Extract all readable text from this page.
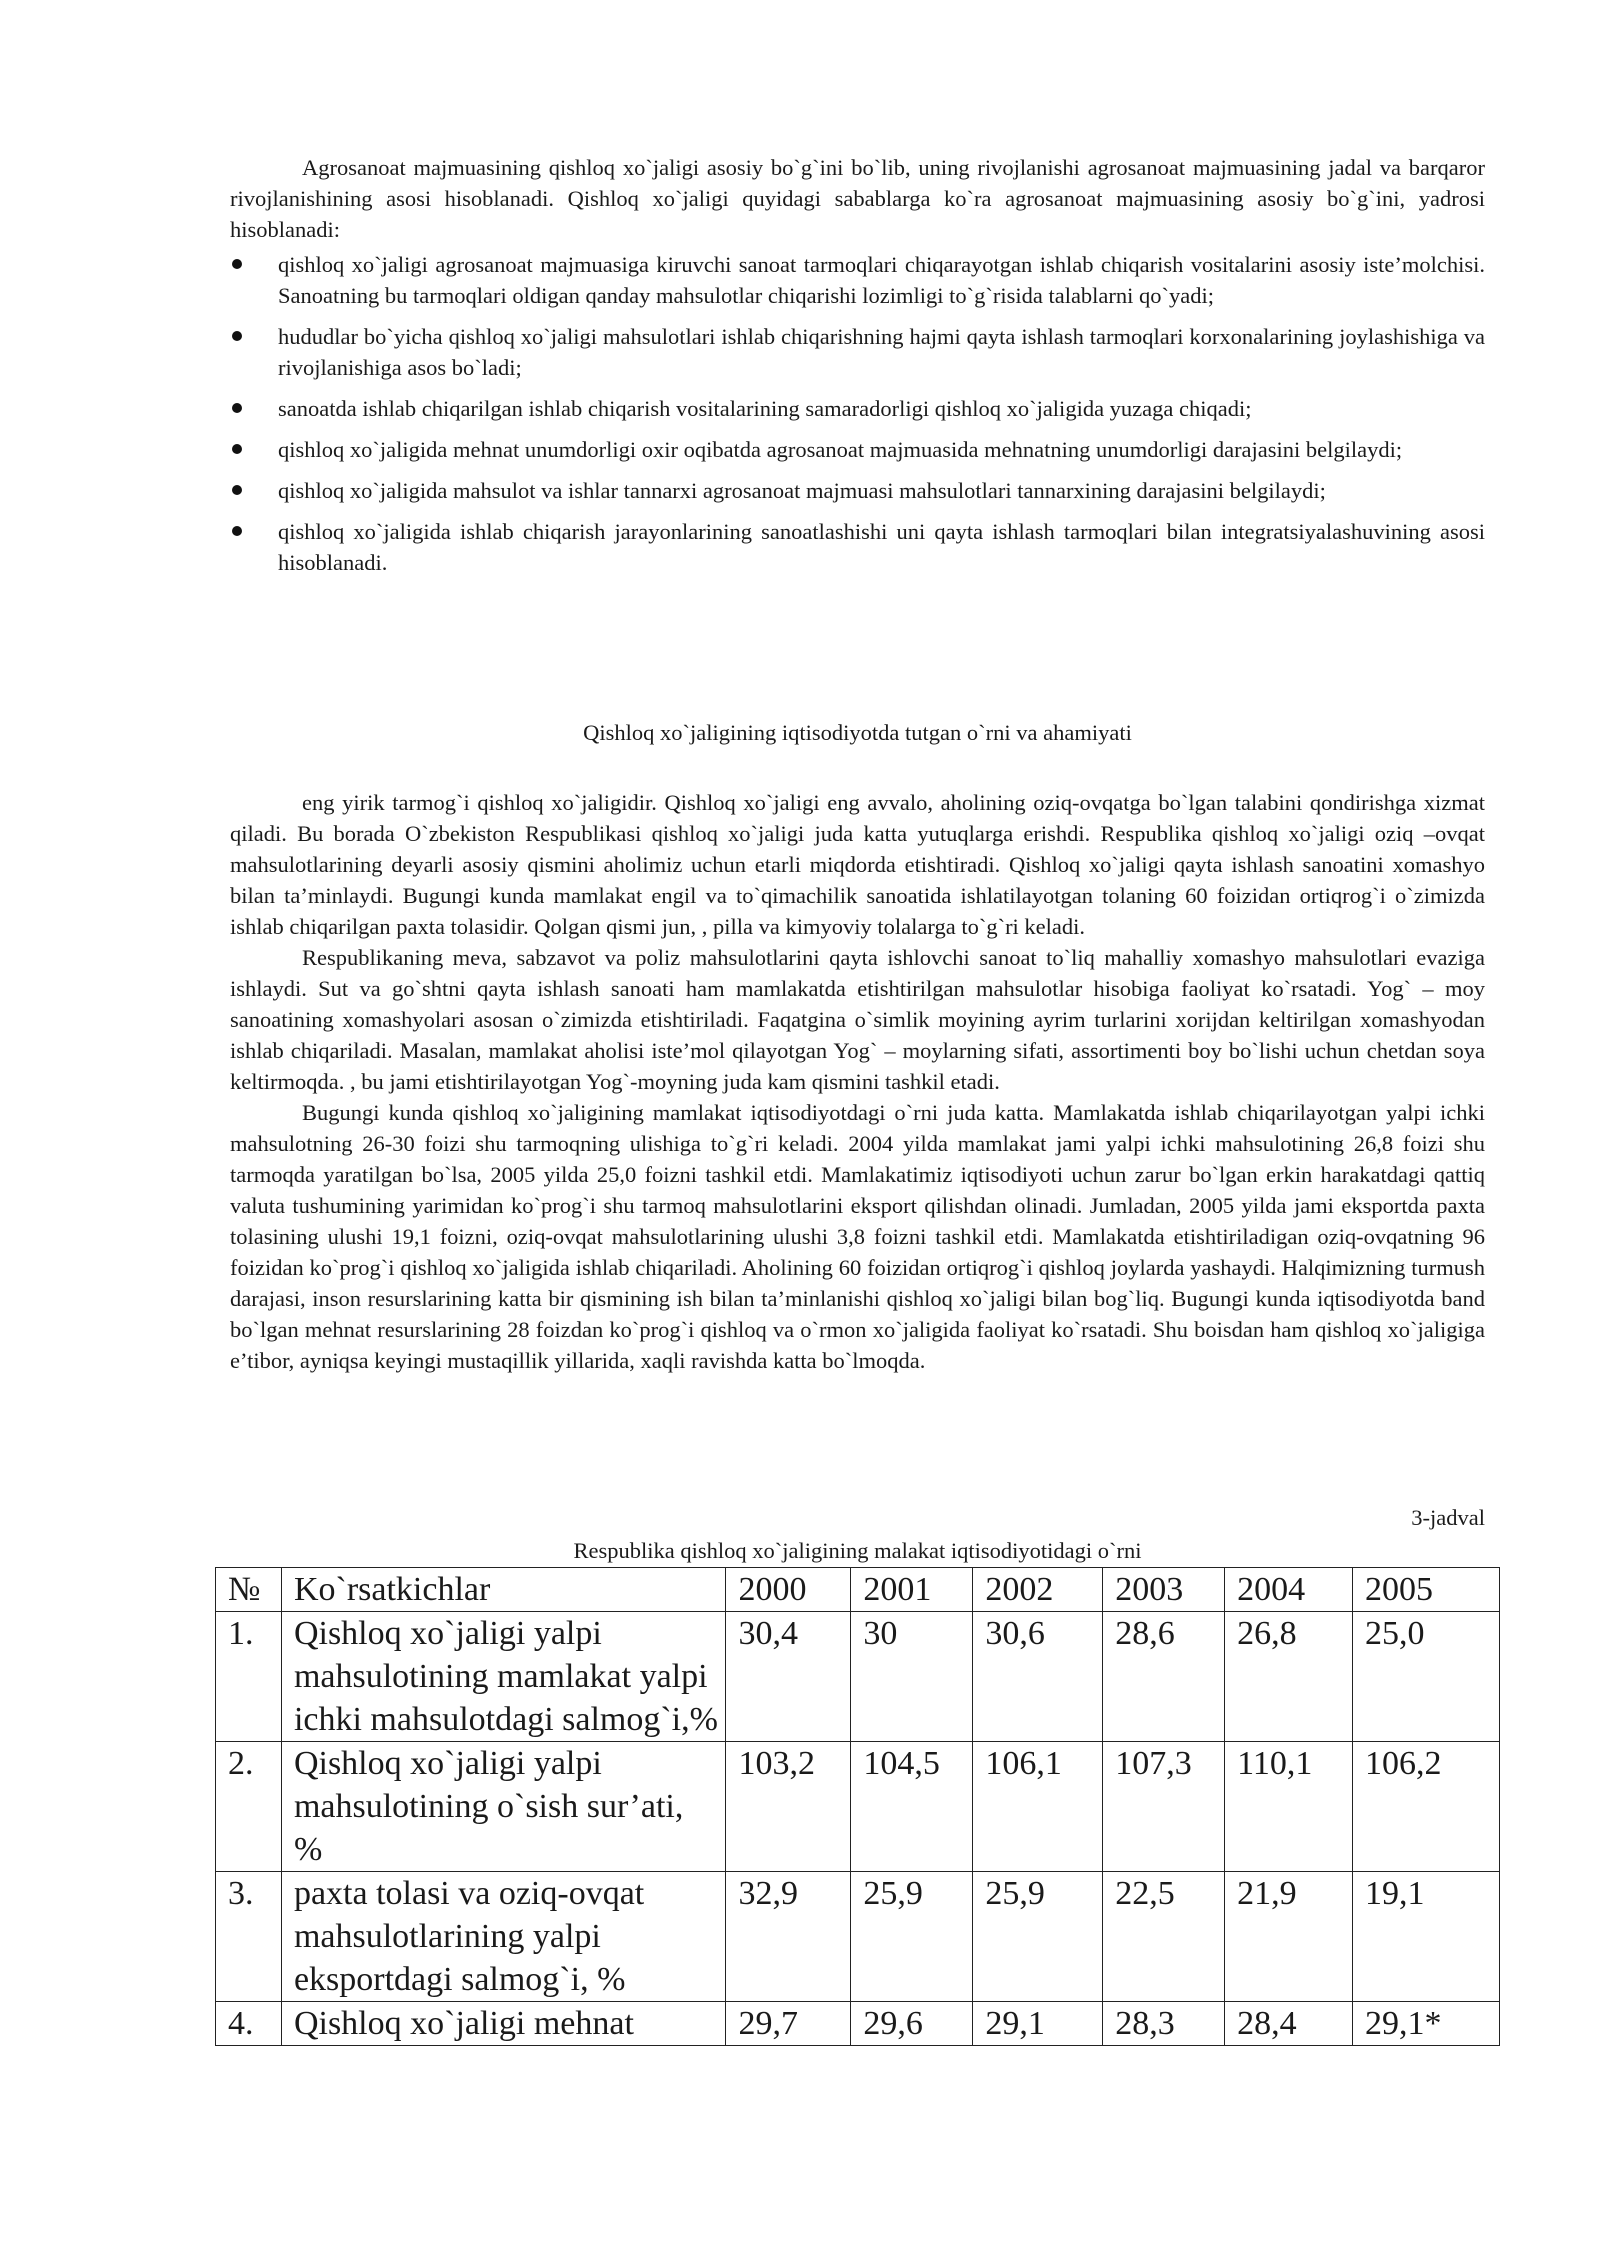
Agrosanoat majmuasining qishloq xo`jaligi asosiy bo`g`ini bo`lib, uning rivojlanishi agrosanoat majmuasining jadal va barqaror rivojlanishining asosi hisoblanadi. Qishloq xo`jaligi quyidagi sabablarga ko`ra agrosanoat majmuasining asosiy bo`g`ini, yadrosi hisoblanadi:

qishloq xo`jaligi agrosanoat majmuasiga kiruvchi sanoat tarmoqlari chiqarayotgan ishlab chiqarish vositalarini asosiy iste’molchisi. Sanoatning bu tarmoqlari oldigan qanday mahsulotlar chiqarishi lozimligi to`g`risida talablarni qo`yadi;
hududlar bo`yicha qishloq xo`jaligi mahsulotlari ishlab chiqarishning hajmi qayta ishlash tarmoqlari korxonalarining joylashishiga va rivojlanishiga asos bo`ladi;
sanoatda ishlab chiqarilgan ishlab chiqarish vositalarining samaradorligi qishloq xo`jaligida yuzaga chiqadi;
qishloq xo`jaligida mehnat unumdorligi oxir oqibatda agrosanoat majmuasida mehnatning unumdorligi darajasini belgilaydi;
qishloq xo`jaligida mahsulot va ishlar tannarxi agrosanoat majmuasi mahsulotlari tannarxining darajasini belgilaydi;
qishloq xo`jaligida ishlab chiqarish jarayonlarining sanoatlashishi uni qayta ishlash tarmoqlari bilan integratsiyalashuvining asosi hisoblanadi.
Qishloq xo`jaligining iqtisodiyotda tutgan o`rni va ahamiyati

eng yirik tarmog`i qishloq xo`jaligidir. Qishloq xo`jaligi eng avvalo, aholining oziq-ovqatga bo`lgan talabini qondirishga xizmat qiladi. Bu borada O`zbekiston Respublikasi qishloq xo`jaligi juda katta yutuqlarga erishdi. Respublika qishloq xo`jaligi oziq –ovqat mahsulotlarining deyarli asosiy qismini aholimiz uchun etarli miqdorda etishtiradi. Qishloq xo`jaligi qayta ishlash sanoatini xomashyo bilan ta’minlaydi. Bugungi kunda mamlakat engil va to`qimachilik sanoatida ishlatilayotgan tolaning 60 foizidan ortiqrog`i o`zimizda ishlab chiqarilgan paxta tolasidir. Qolgan qismi jun, , pilla va kimyoviy tolalarga to`g`ri keladi.

Respublikaning meva, sabzavot va poliz mahsulotlarini qayta ishlovchi sanoat to`liq mahalliy xomashyo mahsulotlari evaziga ishlaydi. Sut va go`shtni qayta ishlash sanoati ham mamlakatda etishtirilgan mahsulotlar hisobiga faoliyat ko`rsatadi. Yog` – moy sanoatining xomashyolari asosan o`zimizda etishtiriladi. Faqatgina o`simlik moyining ayrim turlarini xorijdan keltirilgan xomashyodan ishlab chiqariladi. Masalan, mamlakat aholisi iste’mol qilayotgan Yog` – moylarning sifati, assortimenti boy bo`lishi uchun chetdan soya keltirmoqda. , bu jami etishtirilayotgan Yog`-moyning juda kam qismini tashkil etadi.

Bugungi kunda qishloq xo`jaligining mamlakat iqtisodiyotdagi o`rni juda katta. Mamlakatda ishlab chiqarilayotgan yalpi ichki mahsulotning 26-30 foizi shu tarmoqning ulishiga to`g`ri keladi. 2004 yilda mamlakat jami yalpi ichki mahsulotining 26,8 foizi shu tarmoqda yaratilgan bo`lsa, 2005 yilda 25,0 foizni tashkil etdi. Mamlakatimiz iqtisodiyoti uchun zarur bo`lgan erkin harakatdagi qattiq valuta tushumining yarimidan ko`prog`i shu tarmoq mahsulotlarini eksport qilishdan olinadi. Jumladan, 2005 yilda jami eksportda paxta tolasining ulushi 19,1 foizni, oziq-ovqat mahsulotlarining ulushi 3,8 foizni tashkil etdi. Mamlakatda etishtiriladigan oziq-ovqatning 96 foizidan ko`prog`i qishloq xo`jaligida ishlab chiqariladi. Aholining 60 foizidan ortiqrog`i qishloq joylarda yashaydi. Halqimizning turmush darajasi, inson resurslarining katta bir qismining ish bilan ta’minlanishi qishloq xo`jaligi bilan bog`liq. Bugungi kunda iqtisodiyotda band bo`lgan mehnat resurslarining 28 foizdan ko`prog`i qishloq va o`rmon xo`jaligida faoliyat ko`rsatadi. Shu boisdan ham qishloq xo`jaligiga e’tibor, ayniqsa keyingi mustaqillik yillarida, xaqli ravishda katta bo`lmoqda.

3-jadval
Respublika qishloq xo`jaligining malakat iqtisodiyotidagi o`rni
№	Ko`rsatkichlar	2000	2001	2002	2003	2004	2005
1.	Qishloq xo`jaligi yalpi mahsulotining mamlakat yalpi ichki mahsulotdagi salmog`i,%	30,4	30	30,6	28,6	26,8	25,0
2.	Qishloq xo`jaligi yalpi mahsulotining o`sish sur’ati, %	103,2	104,5	106,1	107,3	110,1	106,2
3.	paxta tolasi va oziq-ovqat mahsulotlarining yalpi eksportdagi salmog`i, %	32,9	25,9	25,9	22,5	21,9	19,1
4.	Qishloq xo`jaligi mehnat	29,7	29,6	29,1	28,3	28,4	29,1*
